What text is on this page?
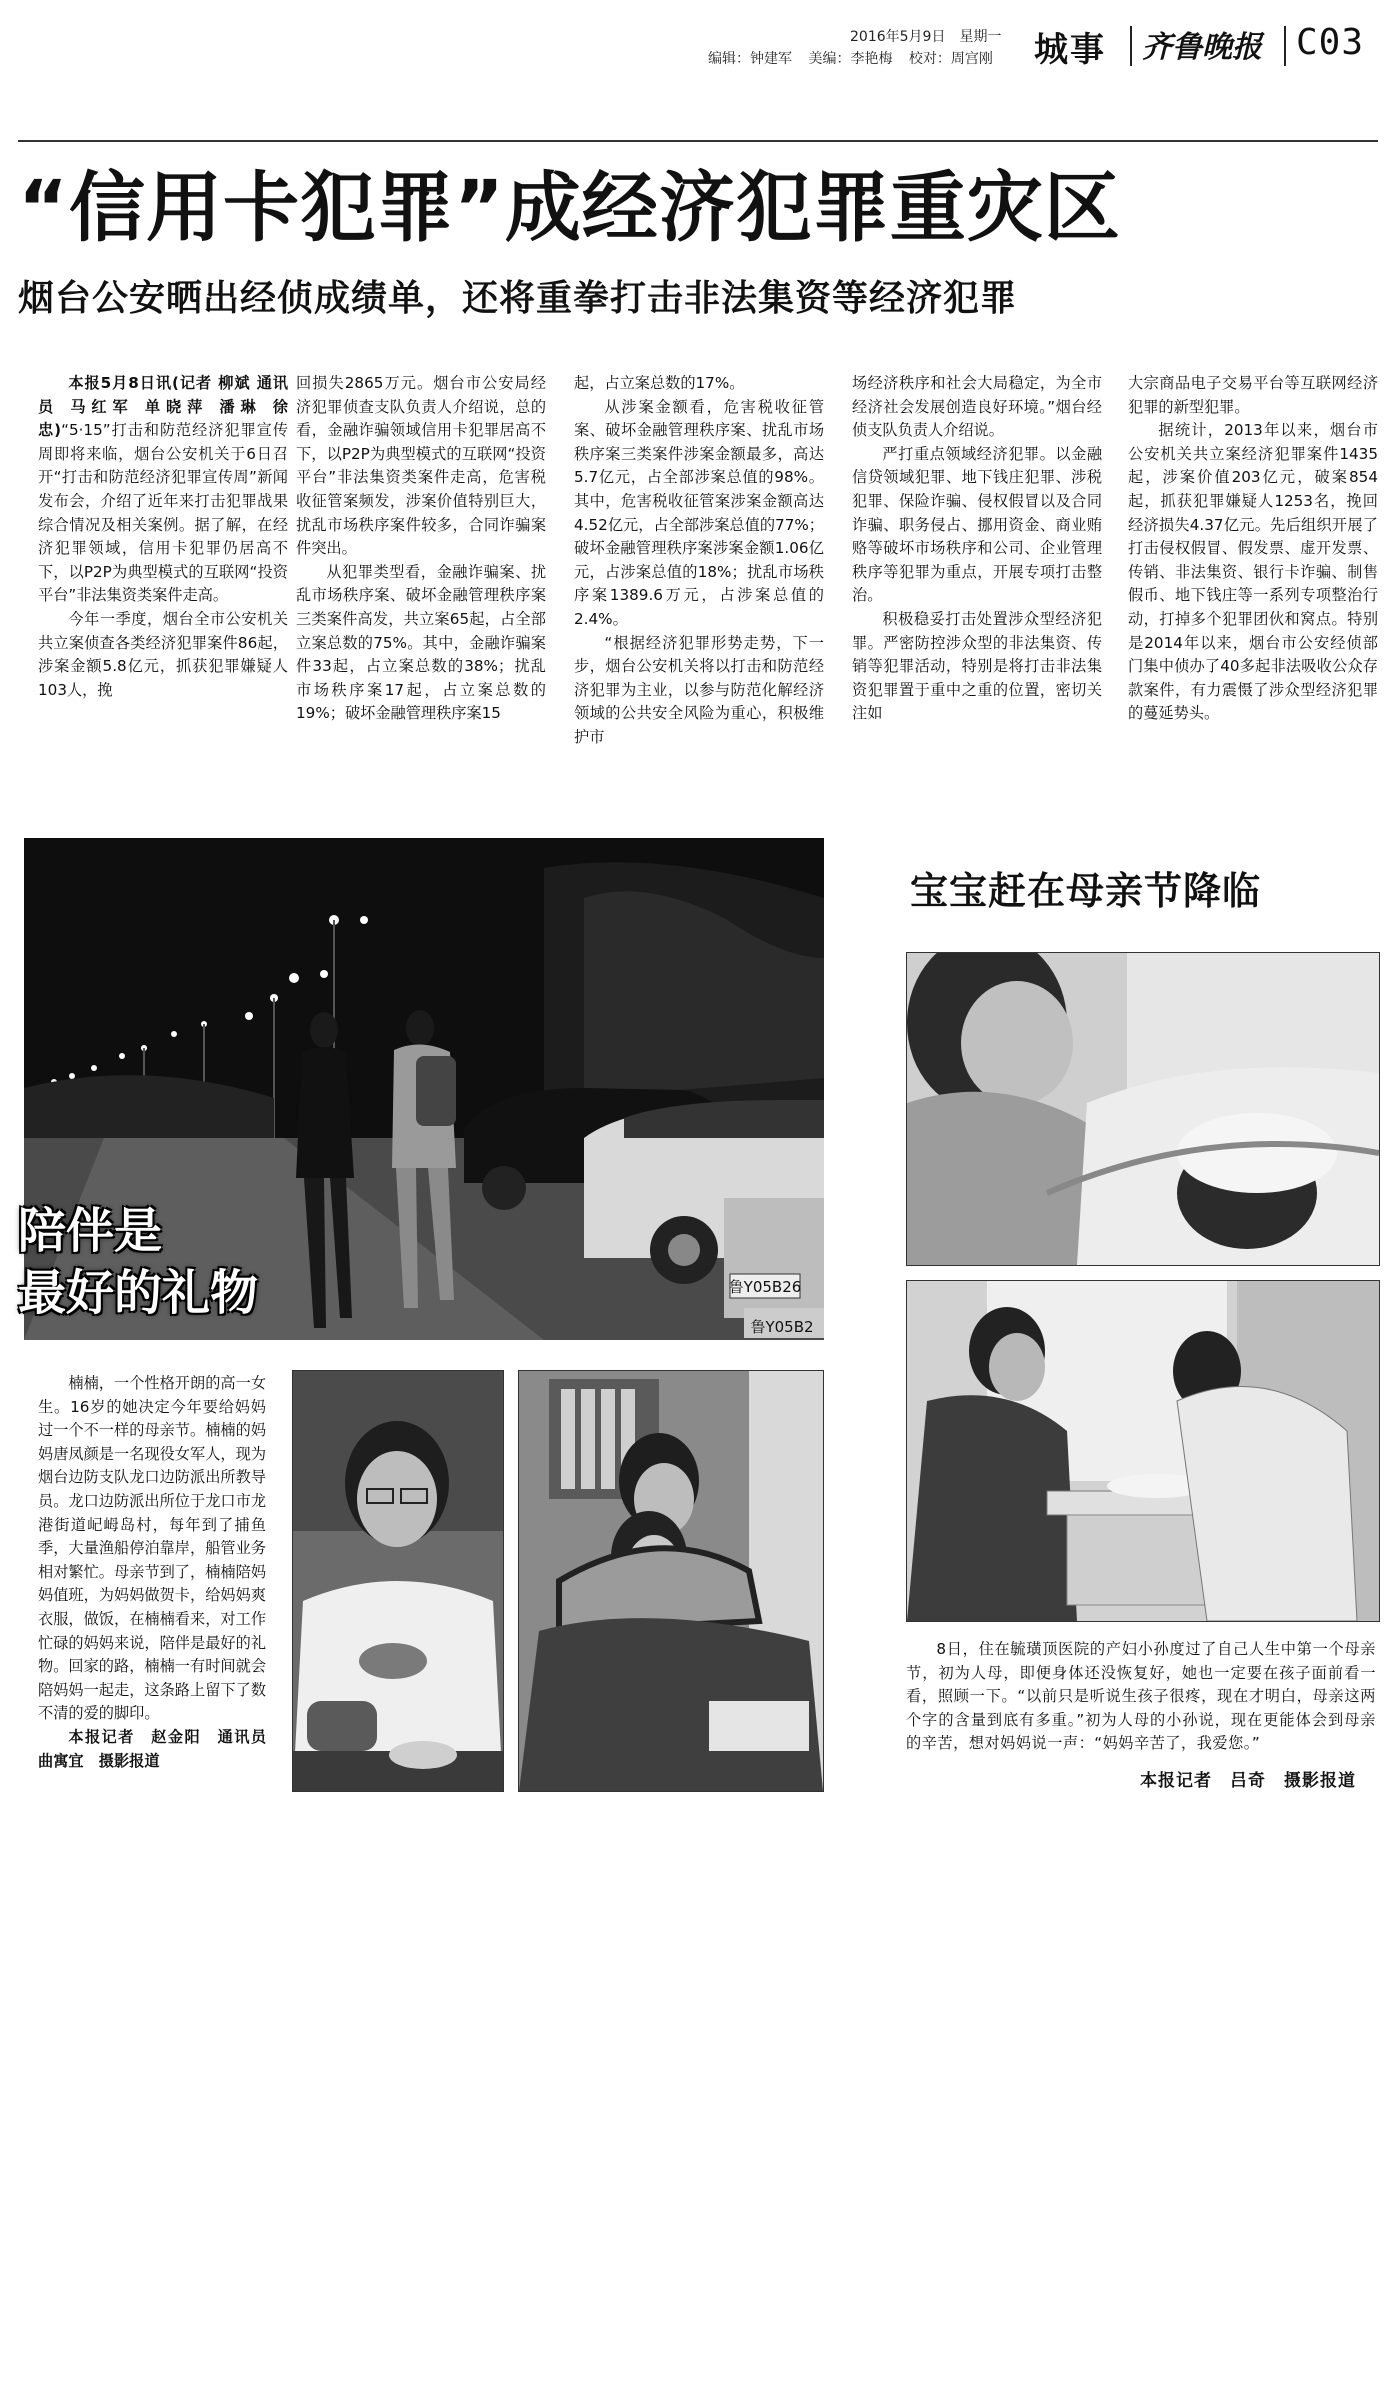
2016年5月9日　星期一
编辑：钟建军 美编：李艳梅 校对：周宫刚	城事 齐鲁晚报 C03
“信用卡犯罪”成经济犯罪重灾区
烟台公安晒出经侦成绩单，还将重拳打击非法集资等经济犯罪

本报5月8日讯(记者 柳斌 通讯员 马红军 单晓萍 潘琳 徐忠)“5·15”打击和防范经济犯罪宣传周即将来临，烟台公安机关于6日召开“打击和防范经济犯罪宣传周”新闻发布会，介绍了近年来打击犯罪战果综合情况及相关案例。据了解，在经济犯罪领域，信用卡犯罪仍居高不下，以P2P为典型模式的互联网“投资平台”非法集资类案件走高。

今年一季度，烟台全市公安机关共立案侦查各类经济犯罪案件86起，涉案金额5.8亿元，抓获犯罪嫌疑人103人，挽

回损失2865万元。烟台市公安局经济犯罪侦查支队负责人介绍说，总的看，金融诈骗领域信用卡犯罪居高不下，以P2P为典型模式的互联网“投资平台”非法集资类案件走高，危害税收征管案频发，涉案价值特别巨大，扰乱市场秩序案件较多，合同诈骗案件突出。

从犯罪类型看，金融诈骗案、扰乱市场秩序案、破坏金融管理秩序案三类案件高发，共立案65起，占全部立案总数的75%。其中，金融诈骗案件33起，占立案总数的38%；扰乱市场秩序案17起，占立案总数的19%；破坏金融管理秩序案15

起，占立案总数的17%。

从涉案金额看，危害税收征管案、破坏金融管理秩序案、扰乱市场秩序案三类案件涉案金额最多，高达5.7亿元，占全部涉案总值的98%。其中，危害税收征管案涉案金额高达4.52亿元，占全部涉案总值的77%；破坏金融管理秩序案涉案金额1.06亿元，占涉案总值的18%；扰乱市场秩序案1389.6万元，占涉案总值的2.4%。

“根据经济犯罪形势走势，下一步，烟台公安机关将以打击和防范经济犯罪为主业，以参与防范化解经济领域的公共安全风险为重心，积极维护市

场经济秩序和社会大局稳定，为全市经济社会发展创造良好环境。”烟台经侦支队负责人介绍说。

严打重点领域经济犯罪。以金融信贷领域犯罪、地下钱庄犯罪、涉税犯罪、保险诈骗、侵权假冒以及合同诈骗、职务侵占、挪用资金、商业贿赂等破坏市场秩序和公司、企业管理秩序等犯罪为重点，开展专项打击整治。

积极稳妥打击处置涉众型经济犯罪。严密防控涉众型的非法集资、传销等犯罪活动，特别是将打击非法集资犯罪置于重中之重的位置，密切关注如

大宗商品电子交易平台等互联网经济犯罪的新型犯罪。

据统计，2013年以来，烟台市公安机关共立案经济犯罪案件1435起，涉案价值203亿元，破案854起，抓获犯罪嫌疑人1253名，挽回经济损失4.37亿元。先后组织开展了打击侵权假冒、假发票、虚开发票、传销、非法集资、银行卡诈骗、制售假币、地下钱庄等一系列专项整治行动，打掉多个犯罪团伙和窝点。特别是2014年以来，烟台市公安经侦部门集中侦办了40多起非法吸收公众存款案件，有力震慑了涉众型经济犯罪的蔓延势头。

鲁Y05B26
鲁Y05B2
陪伴是
最好的礼物

楠楠，一个性格开朗的高一女生。16岁的她决定今年要给妈妈过一个不一样的母亲节。楠楠的妈妈唐凤颜是一名现役女军人，现为烟台边防支队龙口边防派出所教导员。龙口边防派出所位于龙口市龙港街道屺㟂岛村，每年到了捕鱼季，大量渔船停泊靠岸，船管业务相对繁忙。母亲节到了，楠楠陪妈妈值班，为妈妈做贺卡，给妈妈爽衣服，做饭，在楠楠看来，对工作忙碌的妈妈来说，陪伴是最好的礼物。回家的路，楠楠一有时间就会陪妈妈一起走，这条路上留下了数不清的爱的脚印。

本报记者　赵金阳　通讯员　曲寓宜　摄影报道

宝宝赶在母亲节降临

8日，住在毓璜顶医院的产妇小孙度过了自己人生中第一个母亲节，初为人母，即便身体还没恢复好，她也一定要在孩子面前看一看，照顾一下。“以前只是听说生孩子很疼，现在才明白，母亲这两个字的含量到底有多重。”初为人母的小孙说，现在更能体会到母亲的辛苦，想对妈妈说一声：“妈妈辛苦了，我爱您。”

本报记者　吕奇　摄影报道
